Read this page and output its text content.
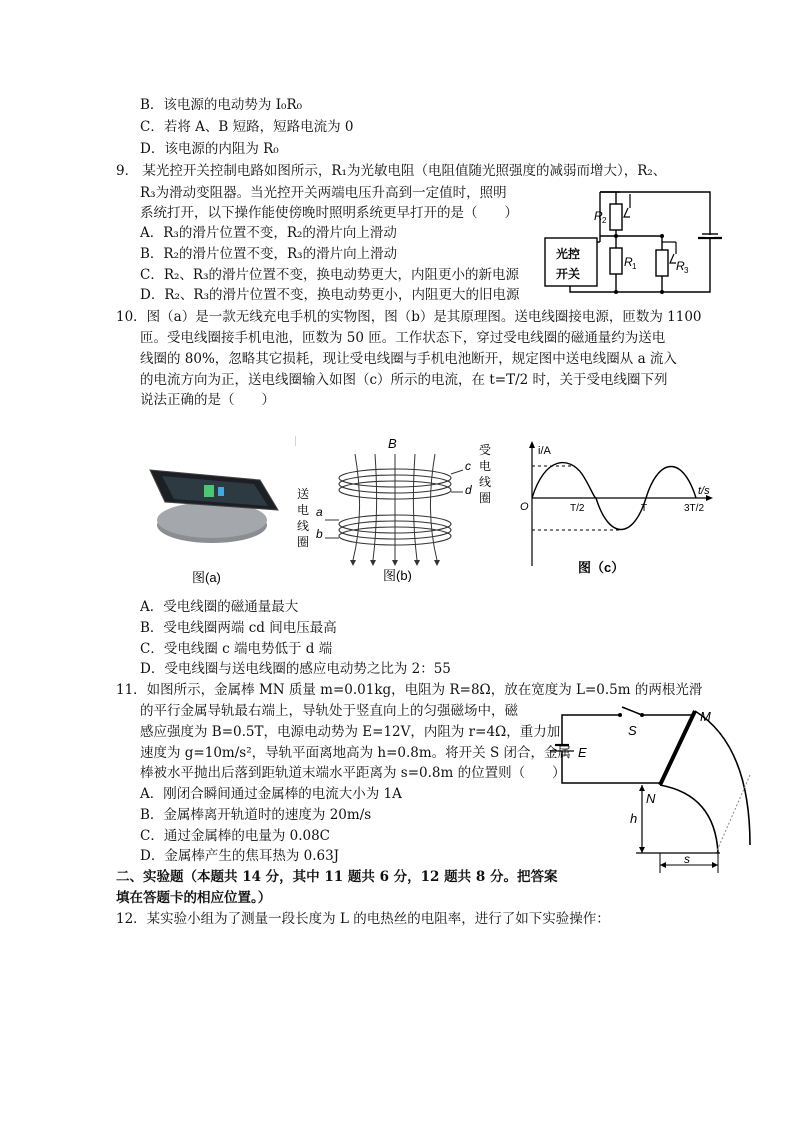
B．该电源的电动势为 I₀R₀
C．若将 A、B 短路，短路电流为 0
D．该电源的内阻为 R₀
9． 某光控开关控制电路如图所示，R₁为光敏电阻（电阻值随光照强度的减弱而增大），R₂、
R₃为滑动变阻器。当光控开关两端电压升高到一定值时，照明
系统打开，以下操作能使傍晚时照明系统更早打开的是（　　）
A．R₃的滑片位置不变，R₂的滑片向上滑动
B．R₂的滑片位置不变，R₃的滑片向上滑动
C．R₂、R₃的滑片位置不变，换电动势更大，内阻更小的新电源
D．R₂、R₃的滑片位置不变，换电动势更小，内阻更大的旧电源
光控
开关
R 2
R 1	R 3
10．图（a）是一款无线充电手机的实物图，图（b）是其原理图。送电线圈接电源，匝数为 1100
匝。受电线圈接手机电池，匝数为 50 匝。工作状态下，穿过受电线圈的磁通量约为送电
线圈的 80%，忽略其它损耗，现让受电线圈与手机电池断开，规定图中送电线圈从 a 流入
的电流方向为正，送电线圈输入如图（c）所示的电流，在 t=T/2 时，关于受电线圈下列
说法正确的是（　　）
图(a)
B
a
b
c
d
送
电
线
圈
受
电
线
圈
图(b)
i/A
t/s
O	T/2	T	3T/2
图（c）
A．受电线圈的磁通量最大
B．受电线圈两端 cd 间电压最高
C．受电线圈 c 端电势低于 d 端
D．受电线圈与送电线圈的感应电动势之比为 2：55
11．如图所示，金属棒 MN 质量 m=0.01kg，电阻为 R=8Ω，放在宽度为 L=0.5m 的两根光滑
的平行金属导轨最右端上，导轨处于竖直向上的匀强磁场中，磁
感应强度为 B=0.5T，电源电动势为 E=12V，内阻为 r=4Ω，重力加
速度为 g=10m/s²，导轨平面离地高为 h=0.8m。将开关 S 闭合，金属
棒被水平抛出后落到距轨道末端水平距离为 s=0.8m 的位置则（　　）
A．刚闭合瞬间通过金属棒的电流大小为 1A
B．金属棒离开轨道时的速度为 20m/s
C．通过金属棒的电量为 0.08C
D．金属棒产生的焦耳热为 0.63J
M
N
S
E
h
s
二、实验题（本题共 14 分，其中 11 题共 6 分，12 题共 8 分。把答案
填在答题卡的相应位置。）
12．某实验小组为了测量一段长度为 L 的电热丝的电阻率，进行了如下实验操作：
